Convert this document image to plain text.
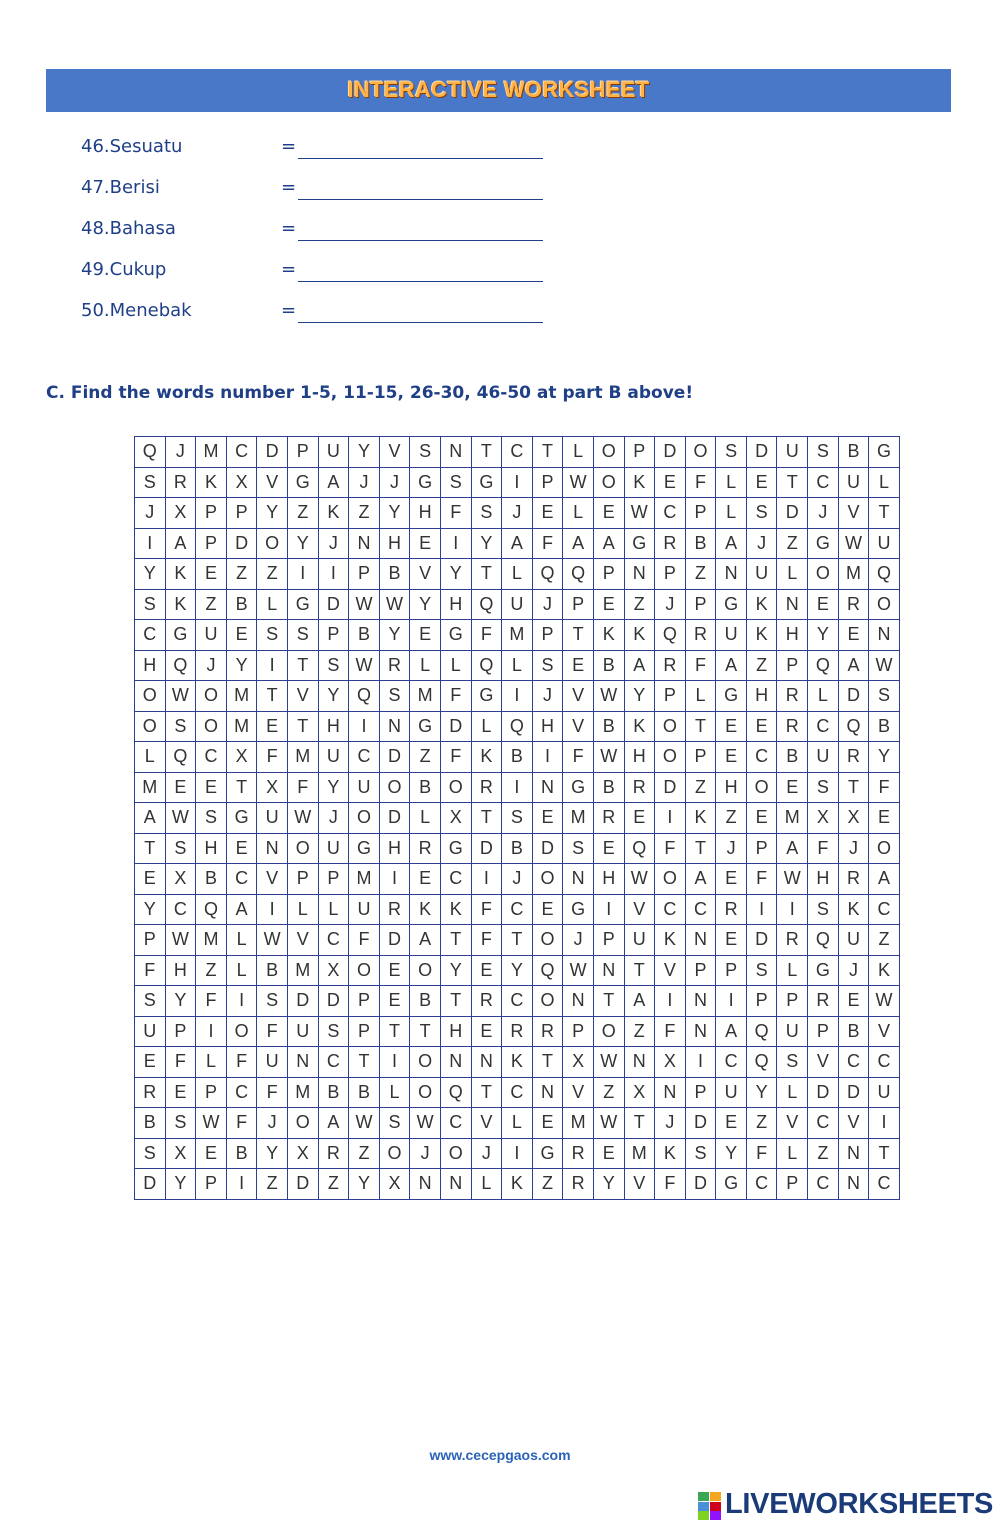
INTERACTIVE WORKSHEET
46.Sesuatu	=
47.Berisi	=
48.Bahasa	=
49.Cukup	=
50.Menebak	=
C. Find the words number 1-5, 11-15, 26-30, 46-50 at part B above!
Q	J	M	C	D	P	U	Y	V	S	N	T	C	T	L	O	P	D	O	S	D	U	S	B	G
S	R	K	X	V	G	A	J	J	G	S	G	I	P	W	O	K	E	F	L	E	T	C	U	L
J	X	P	P	Y	Z	K	Z	Y	H	F	S	J	E	L	E	W	C	P	L	S	D	J	V	T
I	A	P	D	O	Y	J	N	H	E	I	Y	A	F	A	A	G	R	B	A	J	Z	G	W	U
Y	K	E	Z	Z	I	I	P	B	V	Y	T	L	Q	Q	P	N	P	Z	N	U	L	O	M	Q
S	K	Z	B	L	G	D	W	W	Y	H	Q	U	J	P	E	Z	J	P	G	K	N	E	R	O
C	G	U	E	S	S	P	B	Y	E	G	F	M	P	T	K	K	Q	R	U	K	H	Y	E	N
H	Q	J	Y	I	T	S	W	R	L	L	Q	L	S	E	B	A	R	F	A	Z	P	Q	A	W
O	W	O	M	T	V	Y	Q	S	M	F	G	I	J	V	W	Y	P	L	G	H	R	L	D	S
O	S	O	M	E	T	H	I	N	G	D	L	Q	H	V	B	K	O	T	E	E	R	C	Q	B
L	Q	C	X	F	M	U	C	D	Z	F	K	B	I	F	W	H	O	P	E	C	B	U	R	Y
M	E	E	T	X	F	Y	U	O	B	O	R	I	N	G	B	R	D	Z	H	O	E	S	T	F
A	W	S	G	U	W	J	O	D	L	X	T	S	E	M	R	E	I	K	Z	E	M	X	X	E
T	S	H	E	N	O	U	G	H	R	G	D	B	D	S	E	Q	F	T	J	P	A	F	J	O
E	X	B	C	V	P	P	M	I	E	C	I	J	O	N	H	W	O	A	E	F	W	H	R	A
Y	C	Q	A	I	L	L	U	R	K	K	F	C	E	G	I	V	C	C	R	I	I	S	K	C
P	W	M	L	W	V	C	F	D	A	T	F	T	O	J	P	U	K	N	E	D	R	Q	U	Z
F	H	Z	L	B	M	X	O	E	O	Y	E	Y	Q	W	N	T	V	P	P	S	L	G	J	K
S	Y	F	I	S	D	D	P	E	B	T	R	C	O	N	T	A	I	N	I	P	P	R	E	W
U	P	I	O	F	U	S	P	T	T	H	E	R	R	P	O	Z	F	N	A	Q	U	P	B	V
E	F	L	F	U	N	C	T	I	O	N	N	K	T	X	W	N	X	I	C	Q	S	V	C	C
R	E	P	C	F	M	B	B	L	O	Q	T	C	N	V	Z	X	N	P	U	Y	L	D	D	U
B	S	W	F	J	O	A	W	S	W	C	V	L	E	M	W	T	J	D	E	Z	V	C	V	I
S	X	E	B	Y	X	R	Z	O	J	O	J	I	G	R	E	M	K	S	Y	F	L	Z	N	T
D	Y	P	I	Z	D	Z	Y	X	N	N	L	K	Z	R	Y	V	F	D	G	C	P	C	N	C
www.cecepgaos.com
LIVEWORKSHEETS
